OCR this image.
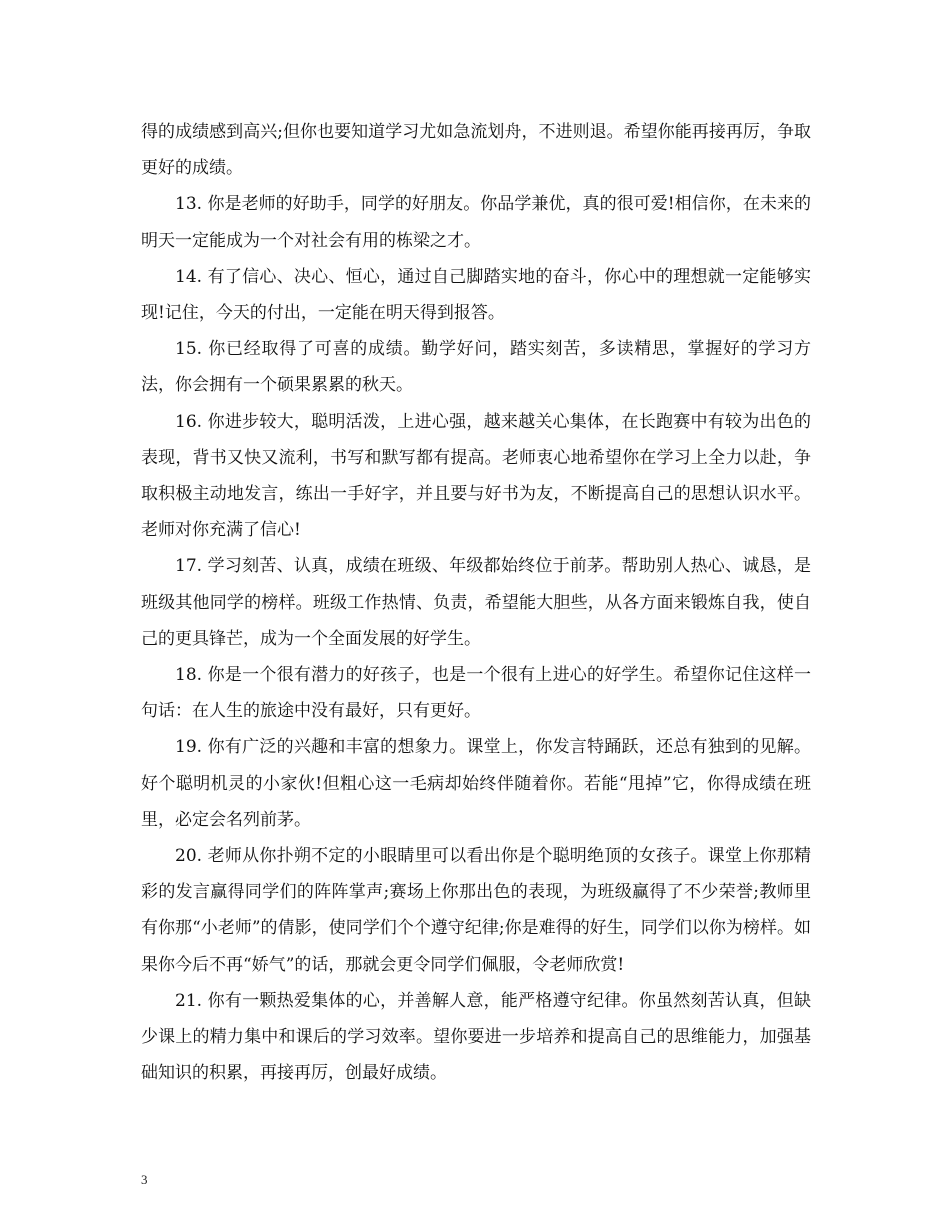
得的成绩感到高兴;但你也要知道学习尤如急流划舟，不进则退。希望你能再接再厉，争取更好的成绩。

13. 你是老师的好助手，同学的好朋友。你品学兼优，真的很可爱!相信你，在未来的明天一定能成为一个对社会有用的栋梁之才。

14. 有了信心、决心、恒心，通过自己脚踏实地的奋斗，你心中的理想就一定能够实现!记住，今天的付出，一定能在明天得到报答。

15. 你已经取得了可喜的成绩。勤学好问，踏实刻苦，多读精思，掌握好的学习方法，你会拥有一个硕果累累的秋天。

16. 你进步较大，聪明活泼，上进心强，越来越关心集体，在长跑赛中有较为出色的表现，背书又快又流利，书写和默写都有提高。老师衷心地希望你在学习上全力以赴，争取积极主动地发言，练出一手好字，并且要与好书为友，不断提高自己的思想认识水平。老师对你充满了信心!

17. 学习刻苦、认真，成绩在班级、年级都始终位于前茅。帮助别人热心、诚恳，是班级其他同学的榜样。班级工作热情、负责，希望能大胆些，从各方面来锻炼自我，使自己的更具锋芒，成为一个全面发展的好学生。

18. 你是一个很有潜力的好孩子，也是一个很有上进心的好学生。希望你记住这样一句话：在人生的旅途中没有最好，只有更好。

19. 你有广泛的兴趣和丰富的想象力。课堂上，你发言特踊跃，还总有独到的见解。好个聪明机灵的小家伙!但粗心这一毛病却始终伴随着你。若能“甩掉”它，你得成绩在班里，必定会名列前茅。

20. 老师从你扑朔不定的小眼睛里可以看出你是个聪明绝顶的女孩子。课堂上你那精彩的发言赢得同学们的阵阵掌声;赛场上你那出色的表现，为班级赢得了不少荣誉;教师里有你那“小老师”的倩影，使同学们个个遵守纪律;你是难得的好生，同学们以你为榜样。如果你今后不再“娇气”的话，那就会更令同学们佩服，令老师欣赏!

21. 你有一颗热爱集体的心，并善解人意，能严格遵守纪律。你虽然刻苦认真，但缺少课上的精力集中和课后的学习效率。望你要进一步培养和提高自己的思维能力，加强基础知识的积累，再接再厉，创最好成绩。

3
